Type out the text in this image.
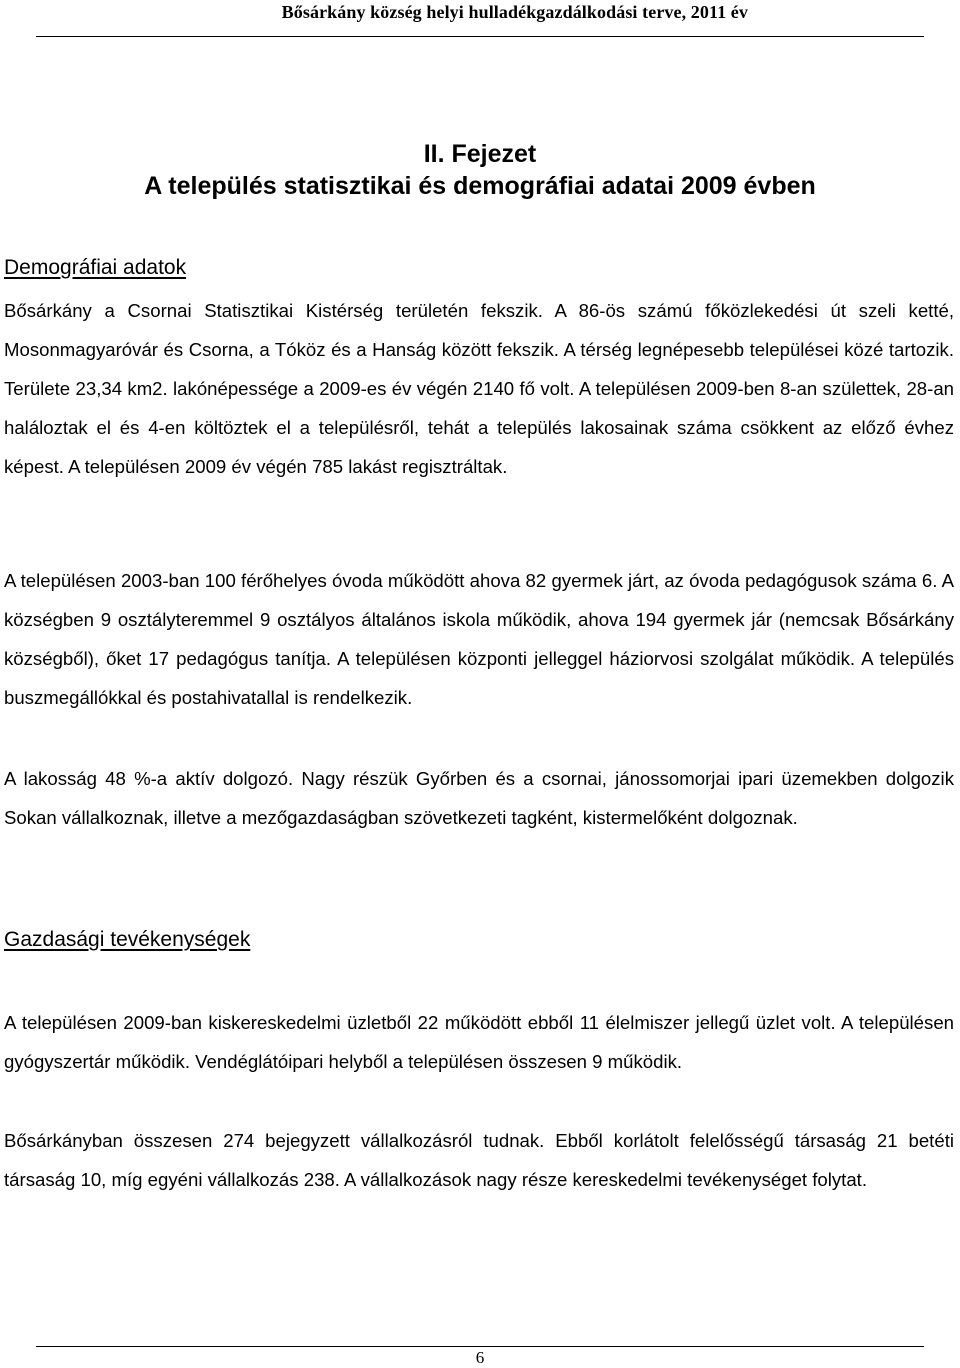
Bősárkány község helyi hulladékgazdálkodási terve, 2011 év
II. Fejezet
A település statisztikai és demográfiai adatai 2009 évben
Demográfiai adatok

Bősárkány a Csornai Statisztikai Kistérség területén fekszik. A 86-ös számú főközlekedési út szeli ketté, Mosonmagyaróvár és Csorna, a Tóköz és a Hanság között fekszik. A térség legnépesebb települései közé tartozik. Területe 23,34 km2. lakónépessége a 2009-es év végén 2140 fő volt. A településen 2009-ben 8-an születtek, 28-an haláloztak el és 4-en költöztek el a településről, tehát a település lakosainak száma csökkent az előző évhez képest. A településen 2009 év végén 785 lakást regisztráltak.

A településen 2003-ban 100 férőhelyes óvoda működött ahova 82 gyermek járt, az óvoda pedagógusok száma 6. A községben 9 osztályteremmel 9 osztályos általános iskola működik, ahova 194 gyermek jár (nemcsak Bősárkány községből), őket 17 pedagógus tanítja. A településen központi jelleggel háziorvosi szolgálat működik. A település buszmegállókkal és postahivatallal is rendelkezik.

A lakosság 48 %-a aktív dolgozó. Nagy részük Győrben és a csornai, jánossomorjai ipari üzemekben dolgozik Sokan vállalkoznak, illetve a mezőgazdaságban szövetkezeti tagként, kistermelőként dolgoznak.

Gazdasági tevékenységek

A településen 2009-ban kiskereskedelmi üzletből 22 működött ebből 11 élelmiszer jellegű üzlet volt. A településen gyógyszertár működik. Vendéglátóipari helyből a településen összesen 9 működik.

Bősárkányban összesen 274 bejegyzett vállalkozásról tudnak. Ebből korlátolt felelősségű társaság 21 betéti társaság 10, míg egyéni vállalkozás 238. A vállalkozások nagy része kereskedelmi tevékenységet folytat.

6
